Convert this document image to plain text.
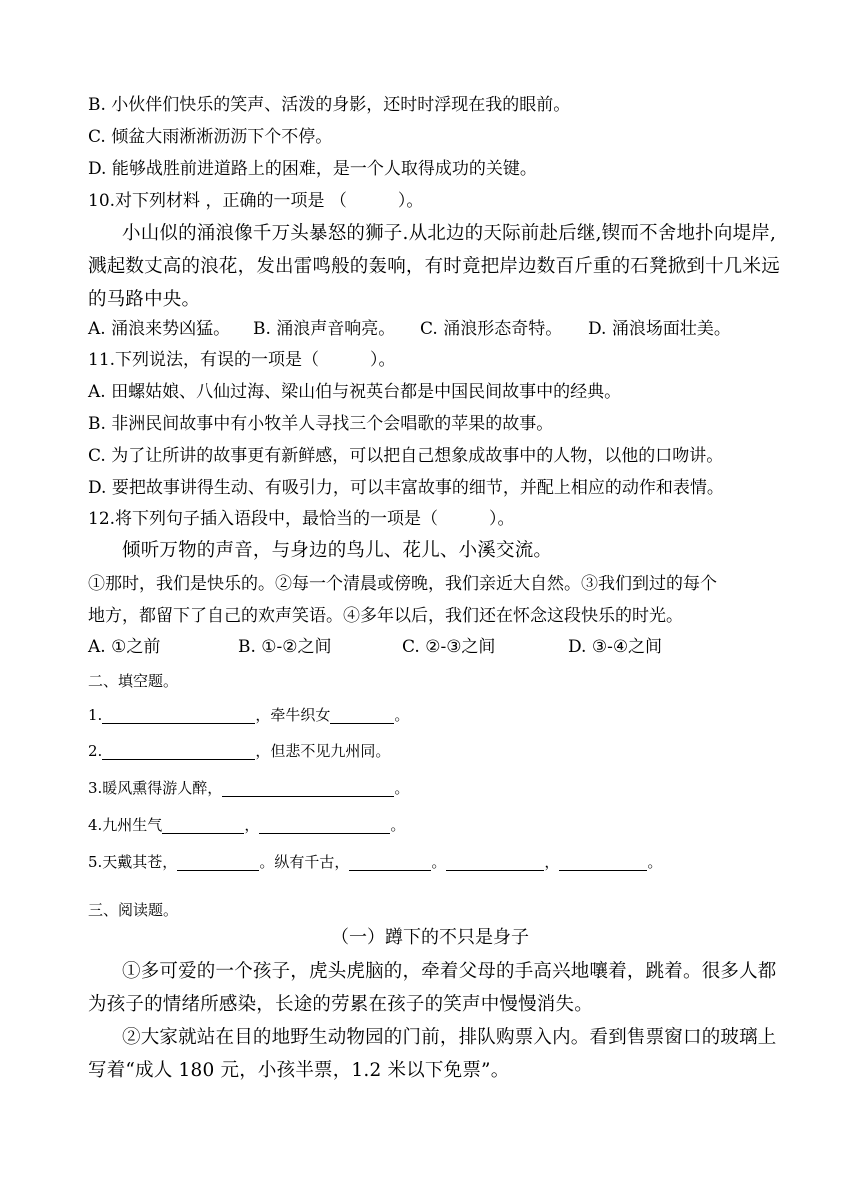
B. 小伙伴们快乐的笑声、活泼的身影，还时时浮现在我的眼前。
C. 倾盆大雨淅淅沥沥下个不停。
D. 能够战胜前进道路上的困难，是一个人取得成功的关键。
10.对下列材料 ，正确的一项是 （　　　）。
小山似的涌浪像千万头暴怒的狮子.从北边的天际前赴后继,锲而不舍地扑向堤岸,
溅起数丈高的浪花，发出雷鸣般的轰响，有时竟把岸边数百斤重的石凳掀到十几米远
的马路中央。
A. 涌浪来势凶猛。 B. 涌浪声音响亮。 C. 涌浪形态奇特。 D. 涌浪场面壮美。
11.下列说法，有误的一项是（　　　）。
A. 田螺姑娘、八仙过海、梁山伯与祝英台都是中国民间故事中的经典。
B. 非洲民间故事中有小牧羊人寻找三个会唱歌的苹果的故事。
C. 为了让所讲的故事更有新鲜感，可以把自己想象成故事中的人物，以他的口吻讲。
D. 要把故事讲得生动、有吸引力，可以丰富故事的细节，并配上相应的动作和表情。
12.将下列句子插入语段中，最恰当的一项是（　　　）。
倾听万物的声音，与身边的鸟儿、花儿、小溪交流。
①那时，我们是快乐的。②每一个清晨或傍晚，我们亲近大自然。③我们到过的每个
地方，都留下了自己的欢声笑语。④多年以后，我们还在怀念这段快乐的时光。
A. ①之前	B. ①-②之间	C. ②-③之间	D. ③-④之间
二、填空题。
1.	，牵牛织女	。
2.	，但悲不见九州同。
3.暖风熏得游人醉，	。
4.九州生气	，	。
5.天戴其苍，	。纵有千古，	。	，	。
三、阅读题。
（一）蹲下的不只是身子
①多可爱的一个孩子，虎头虎脑的，牵着父母的手高兴地嚷着，跳着。很多人都
为孩子的情绪所感染，长途的劳累在孩子的笑声中慢慢消失。
②大家就站在目的地野生动物园的门前，排队购票入内。看到售票窗口的玻璃上
写着“成人 180 元，小孩半票，1.2 米以下免票”。
